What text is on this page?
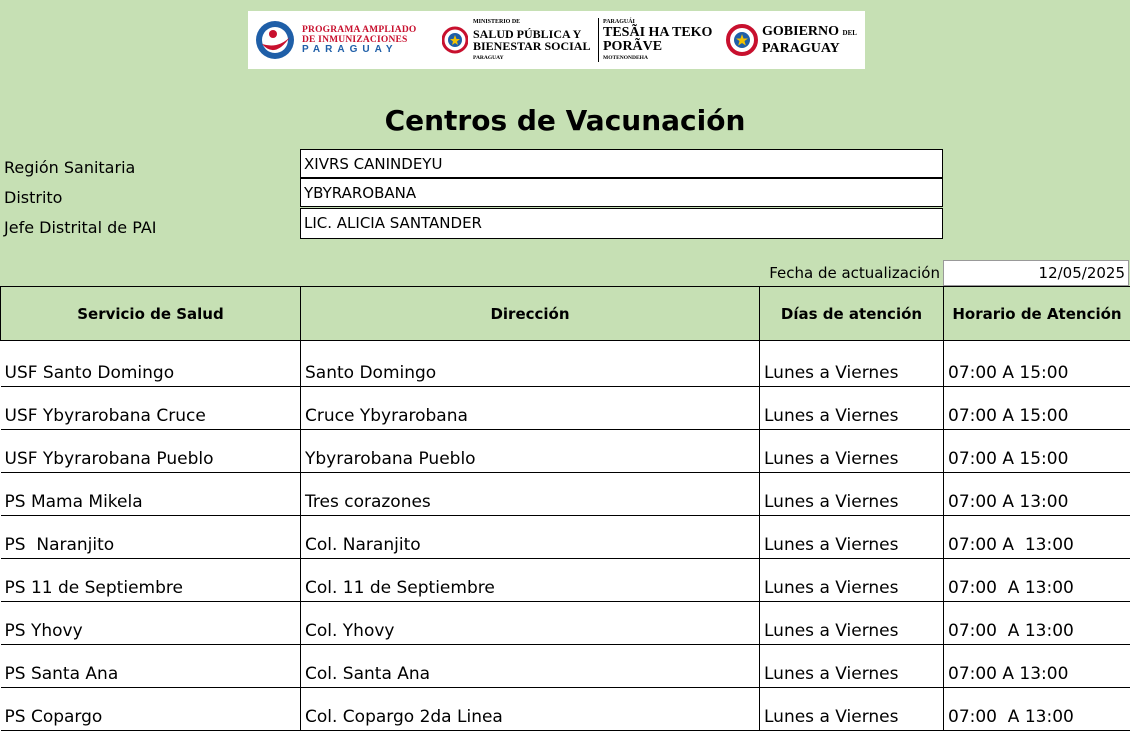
PROGRAMA AMPLIADO
DE INMUNIZACIONES
PARAGUAY
MINISTERIO DE
SALUD PÚBLICA Y
BIENESTAR SOCIAL
PARAGUAY
PARAGUÁI
TESÃI HA TEKO
PORÃVE
MOTENONDEHA
GOBIERNO DEL
PARAGUAY
Centros de Vacunación
Región Sanitaria	XIVRS CANINDEYU
Distrito	YBYRAROBANA
Jefe Distrital de PAI	LIC. ALICIA SANTANDER
Fecha de actualización	12/05/2025
Servicio de Salud	Dirección	Días de atención	Horario de Atención
USF Santo Domingo	Santo Domingo	Lunes a Viernes	07:00 A 15:00
USF Ybyrarobana Cruce	Cruce Ybyrarobana	Lunes a Viernes	07:00 A 15:00
USF Ybyrarobana Pueblo	Ybyrarobana Pueblo	Lunes a Viernes	07:00 A 15:00
PS Mama Mikela	Tres corazones	Lunes a Viernes	07:00 A 13:00
PS  Naranjito	Col. Naranjito	Lunes a Viernes	07:00 A  13:00
PS 11 de Septiembre	Col. 11 de Septiembre	Lunes a Viernes	07:00  A 13:00
PS Yhovy	Col. Yhovy	Lunes a Viernes	07:00  A 13:00
PS Santa Ana	Col. Santa Ana	Lunes a Viernes	07:00 A 13:00
PS Copargo	Col. Copargo 2da Linea	Lunes a Viernes	07:00  A 13:00
